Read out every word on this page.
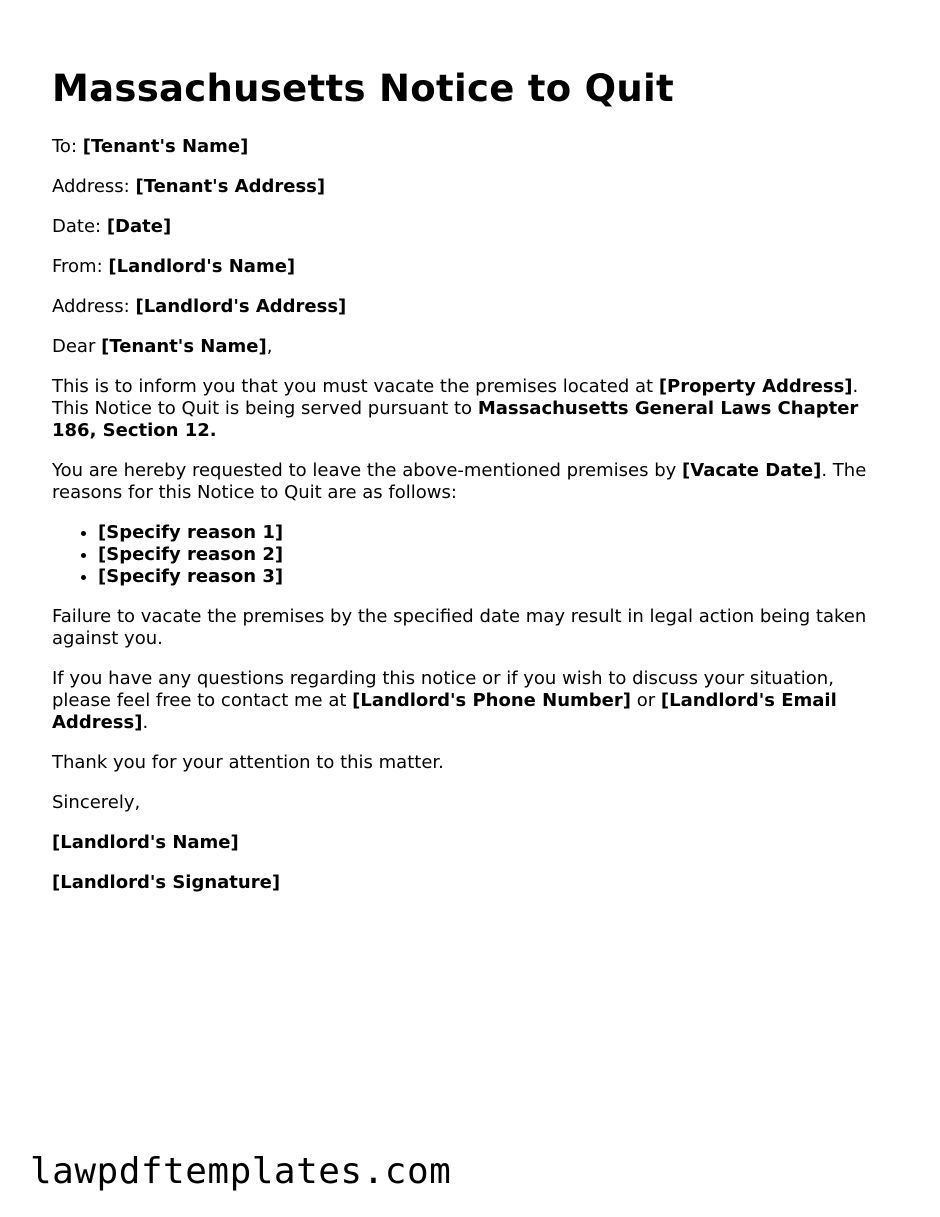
Massachusetts Notice to Quit

To: [Tenant's Name]

Address: [Tenant's Address]

Date: [Date]

From: [Landlord's Name]

Address: [Landlord's Address]

Dear [Tenant's Name],

This is to inform you that you must vacate the premises located at [Property Address]. This Notice to Quit is being served pursuant to Massachusetts General Laws Chapter 186, Section 12.

You are hereby requested to leave the above-mentioned premises by [Vacate Date]. The reasons for this Notice to Quit are as follows:

• [Specify reason 1]
• [Specify reason 2]
• [Specify reason 3]

Failure to vacate the premises by the specified date may result in legal action being taken against you.

If you have any questions regarding this notice or if you wish to discuss your situation, please feel free to contact me at [Landlord's Phone Number] or [Landlord's Email Address].

Thank you for your attention to this matter.

Sincerely,

[Landlord's Name]

[Landlord's Signature]

lawpdftemplates.com
